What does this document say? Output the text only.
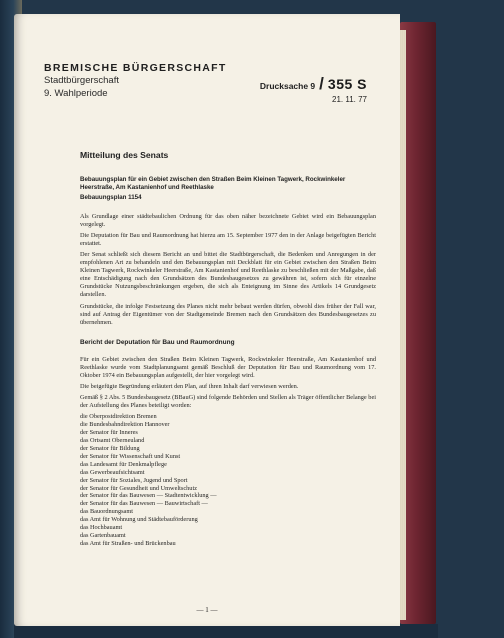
BREMISCHE BÜRGERSCHAFT
Stadtbürgerschaft
9. Wahlperiode
Drucksache 9 / 355 S
21. 11. 77
Mitteilung des Senats

Bebauungsplan für ein Gebiet zwischen den Straßen Beim Kleinen Tagwerk, Rockwinkeler Heerstraße, Am Kastanienhof und Reethlaske

Bebauungsplan 1154

Als Grundlage einer städtebaulichen Ordnung für das oben näher bezeichnete Gebiet wird ein Bebauungsplan vorgelegt.

Die Deputation für Bau und Raumordnung hat hierzu am 15. September 1977 den in der Anlage beigefügten Bericht erstattet.

Der Senat schließt sich diesem Bericht an und bittet die Stadtbürgerschaft, die Bedenken und Anregungen in der empfohlenen Art zu behandeln und den Bebauungsplan mit Deckblatt für ein Gebiet zwischen den Straßen Beim Kleinen Tagwerk, Rockwinkeler Heerstraße, Am Kastanienhof und Reethlaske zu beschließen mit der Maßgabe, daß eine Entschädigung nach den Grundsätzen des Bundesbaugesetzes zu gewähren ist, sofern sich für einzelne Grundstücke Nutzungsbeschränkungen ergeben, die sich als Enteignung im Sinne des Artikels 14 Grundgesetz darstellen.

Grundstücke, die infolge Festsetzung des Planes nicht mehr bebaut werden dürfen, obwohl dies früher der Fall war, sind auf Antrag der Eigentümer von der Stadtgemeinde Bremen nach den Grundsätzen des Bundesbaugesetzes zu übernehmen.

Bericht der Deputation für Bau und Raumordnung

Für ein Gebiet zwischen den Straßen Beim Kleinen Tagwerk, Rockwinkeler Heerstraße, Am Kastanienhof und Reethlaske wurde vom Stadtplanungsamt gemäß Beschluß der Deputation für Bau und Raumordnung vom 17. Oktober 1974 ein Bebauungsplan aufgestellt, der hier vorgelegt wird.

Die beigefügte Begründung erläutert den Plan, auf ihren Inhalt darf verwiesen werden.

Gemäß § 2 Abs. 5 Bundesbaugesetz (BBauG) sind folgende Behörden und Stellen als Träger öffentlicher Belange bei der Aufstellung des Planes beteiligt worden:

die Oberpostdirektion Bremen
die Bundesbahndirektion Hannover
der Senator für Inneres
das Ortsamt Oberneuland
der Senator für Bildung
der Senator für Wissenschaft und Kunst
das Landesamt für Denkmalpflege
das Gewerbeaufsichtsamt
der Senator für Soziales, Jugend und Sport
der Senator für Gesundheit und Umweltschutz
der Senator für das Bauwesen — Stadtentwicklung —
der Senator für das Bauwesen — Bauwirtschaft —
das Bauordnungsamt
das Amt für Wohnung und Städtebauförderung
das Hochbauamt
das Gartenbauamt
das Amt für Straßen- und Brückenbau
— 1 —
